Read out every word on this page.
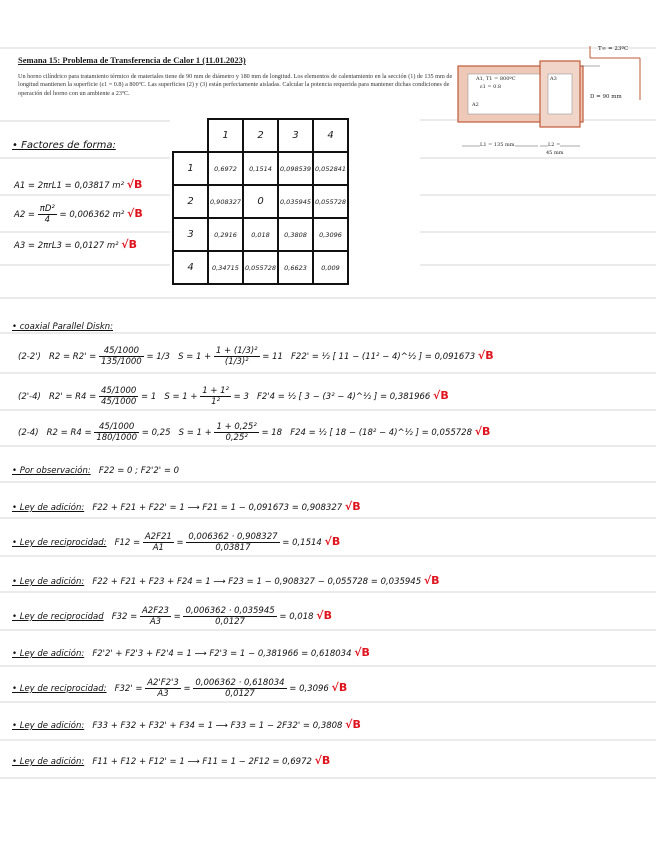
Semana 15: Problema de Transferencia de Calor 1 (11.01.2023)
Un horno cilíndrico para tratamiento térmico de materiales tiene de 90 mm de diámetro y 180 mm de longitud. Los elementos de calentamiento en la sección (1) de 135 mm de longitud mantienen la superficie (ε1 = 0.8) a 800ºC. Las superficies (2) y (3) están perfectamente aisladas. Calcular la potencia requerida para mantener dichas condiciones de operación del horno con un ambiente a 23ºC.
T∞ = 23ºC
A1, T1 = 800ºC
ε1 = 0.8
A3
A2
D = 90 mm
L1 = 135 mm	L2 =
45 mm
	1	2	3	4
1	0,6972	0,1514	0,098539	0,052841
2	0,908327	0	0,035945	0,055728
3	0,2916	0,018	0,3808	0,3096
4	0,34715	0,055728	0,6623	0,009
• Factores de forma:
A1 = 2πrL1 = 0,03817 m² √B
$A2 = \frac{\text{πD²}}{4} = 0,006362$ m² √B
A3 = 2πrL3 = 0,0127 m² √B
• coaxial Parallel Diskn:
(2-2') $R2 = R2' = \frac{45/1000}{135/1000} = 1/3$ $S = 1 + \frac{\text{1 + (1/3)²}}{\text{(1/3)²}} = 11$ F22' = ½ [ 11 − (11² − 4)^½ ] = 0,091673 √B
(2'-4) $R2' = R4 = \frac{45/1000}{45/1000} = 1$ $S = 1 + \frac{\text{1 + 1²}}{\text{1²}} = 3$ F2'4 = ½ [ 3 − (3² − 4)^½ ] = 0,381966 √B
(2-4) $R2 = R4 = \frac{45/1000}{180/1000} = 0,25$ $S = 1 + \frac{\text{1 + 0,25²}}{\text{0,25²}} = 18$ F24 = ½ [ 18 − (18² − 4)^½ ] = 0,055728 √B
• Por observación: F22 = 0 ; F2'2' = 0
• Ley de adición: F22 + F21 + F22' = 1 ⟶ F21 = 1 − 0,091673 = 0,908327 √B
• Ley de reciprocidad: $F12 = \frac{A2F21}{A1} = \frac{0,006362 \cdot 0,908327}{0,03817} = 0,1514$ √B
• Ley de adición: F22 + F21 + F23 + F24 = 1 ⟶ F23 = 1 − 0,908327 − 0,055728 = 0,035945 √B
• Ley de reciprocidad $F32 = \frac{A2F23}{A3} = \frac{0,006362 \cdot 0,035945}{0,0127} = 0,018$ √B
• Ley de adición: F2'2' + F2'3 + F2'4 = 1 ⟶ F2'3 = 1 − 0,381966 = 0,618034 √B
• Ley de reciprocidad: $F32' = \frac{A2'F2'3}{A3} = \frac{0,006362 \cdot 0,618034}{0,0127} = 0,3096$ √B
• Ley de adición: F33 + F32 + F32' + F34 = 1 ⟶ F33 = 1 − 2F32' = 0,3808 √B
• Ley de adición: F11 + F12 + F12' = 1 ⟶ F11 = 1 − 2F12 = 0,6972 √B
